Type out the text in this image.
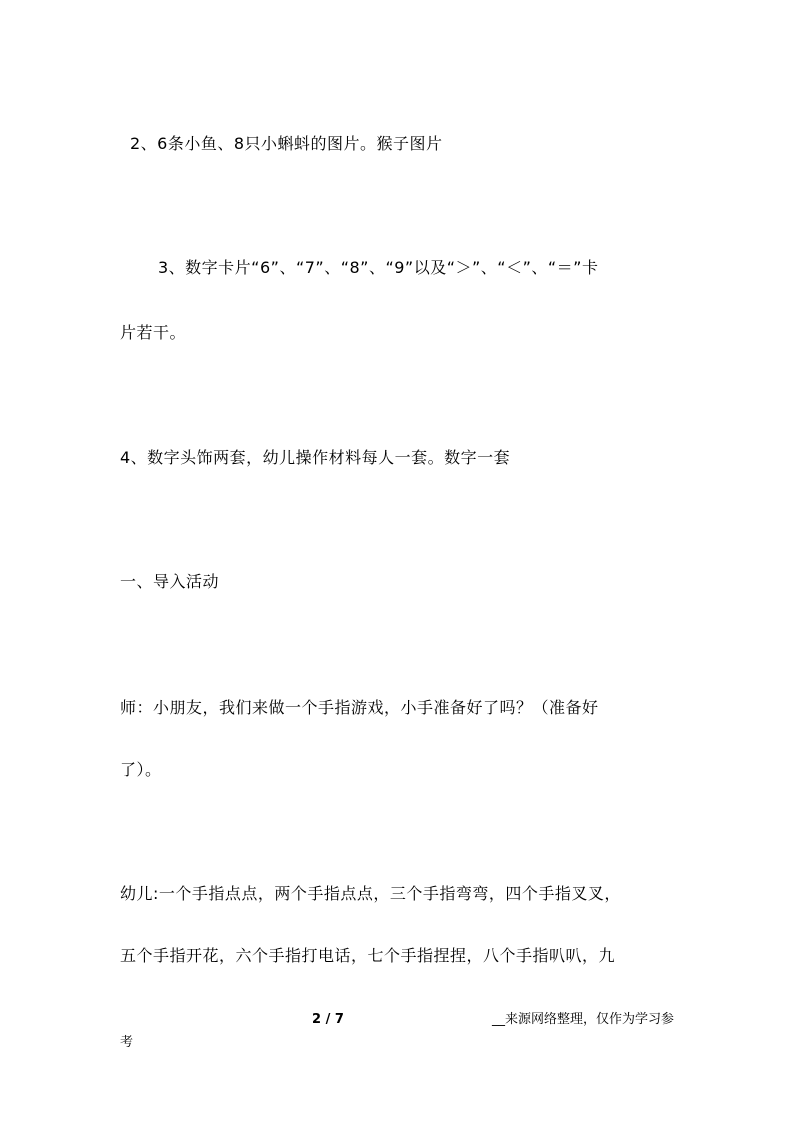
2、6条小鱼、8只小蝌蚪的图片。猴子图片

3、数字卡片“6”、“7”、“8”、“9”以及“＞”、“＜”、“＝”卡

片若干。

4、数字头饰两套，幼儿操作材料每人一套。数字一套

一、导入活动

师：小朋友，我们来做一个手指游戏，小手准备好了吗？（准备好

了）。

幼儿:一个手指点点，两个手指点点，三个手指弯弯，四个手指叉叉，

五个手指开花，六个手指打电话，七个手指捏捏，八个手指叭叭，九

2 / 7	__来源网络整理，仅作为学习参
考
